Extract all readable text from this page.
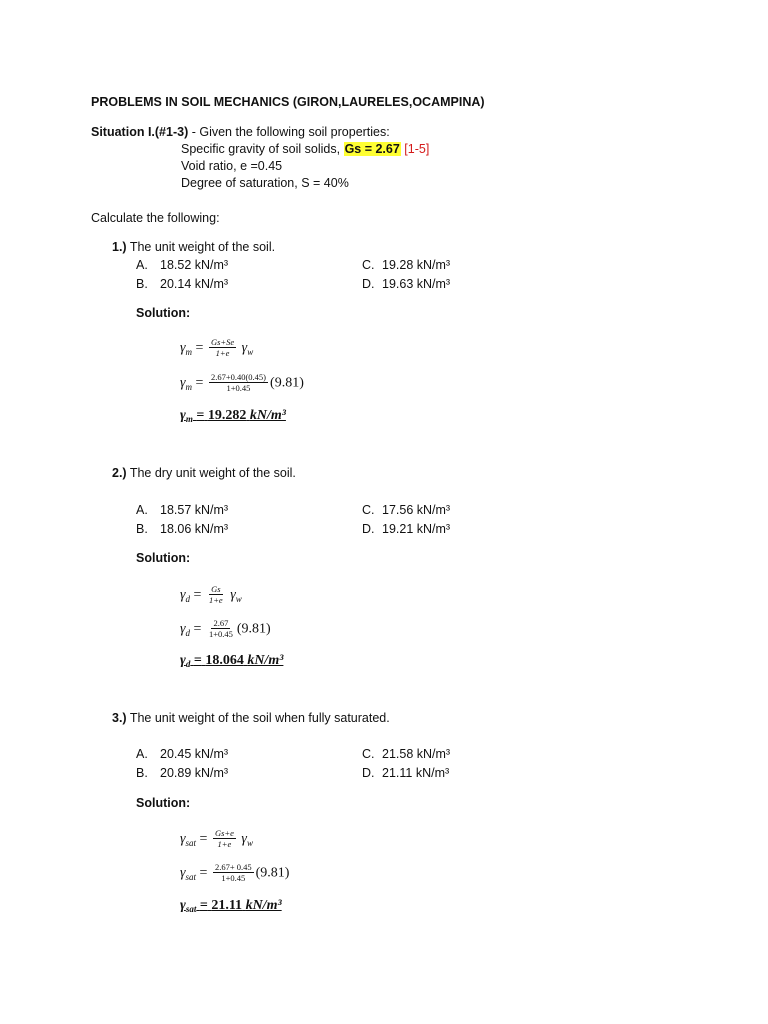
PROBLEMS IN SOIL MECHANICS (GIRON,LAURELES,OCAMPINA)
Situation I.(#1-3) - Given the following soil properties:
Specific gravity of soil solids, Gs = 2.67 [1-5]
Void ratio, e =0.45
Degree of saturation, S = 40%
Calculate the following:
1.) The unit weight of the soil.
A. 18.52 kN/m³
B. 20.14 kN/m³
C. 19.28 kN/m³
D. 19.63 kN/m³
Solution:
$\gamma_m = \frac{Gs+Se}{1+e} \gamma_w$
$\gamma_m = \frac{2.67+0.40(0.45)}{1+0.45} (9.81)$
$\gamma_m = 19.282$ kN/m³
2.) The dry unit weight of the soil.
A. 18.57 kN/m³
B. 18.06 kN/m³
C. 17.56 kN/m³
D. 19.21 kN/m³
Solution:
$\gamma_d = \frac{Gs}{1+e} \gamma_w$
$\gamma_d = \frac{2.67}{1+0.45} (9.81)$
$\gamma_d = 18.064$ kN/m³
3.) The unit weight of the soil when fully saturated.
A. 20.45 kN/m³
B. 20.89 kN/m³
C. 21.58 kN/m³
D. 21.11 kN/m³
Solution:
$\gamma_{sat} = \frac{Gs+e}{1+e} \gamma_w$
$\gamma_{sat} = \frac{2.67+ 0.45}{1+0.45} (9.81)$
$\gamma_{sat} = 21.11$ kN/m³
